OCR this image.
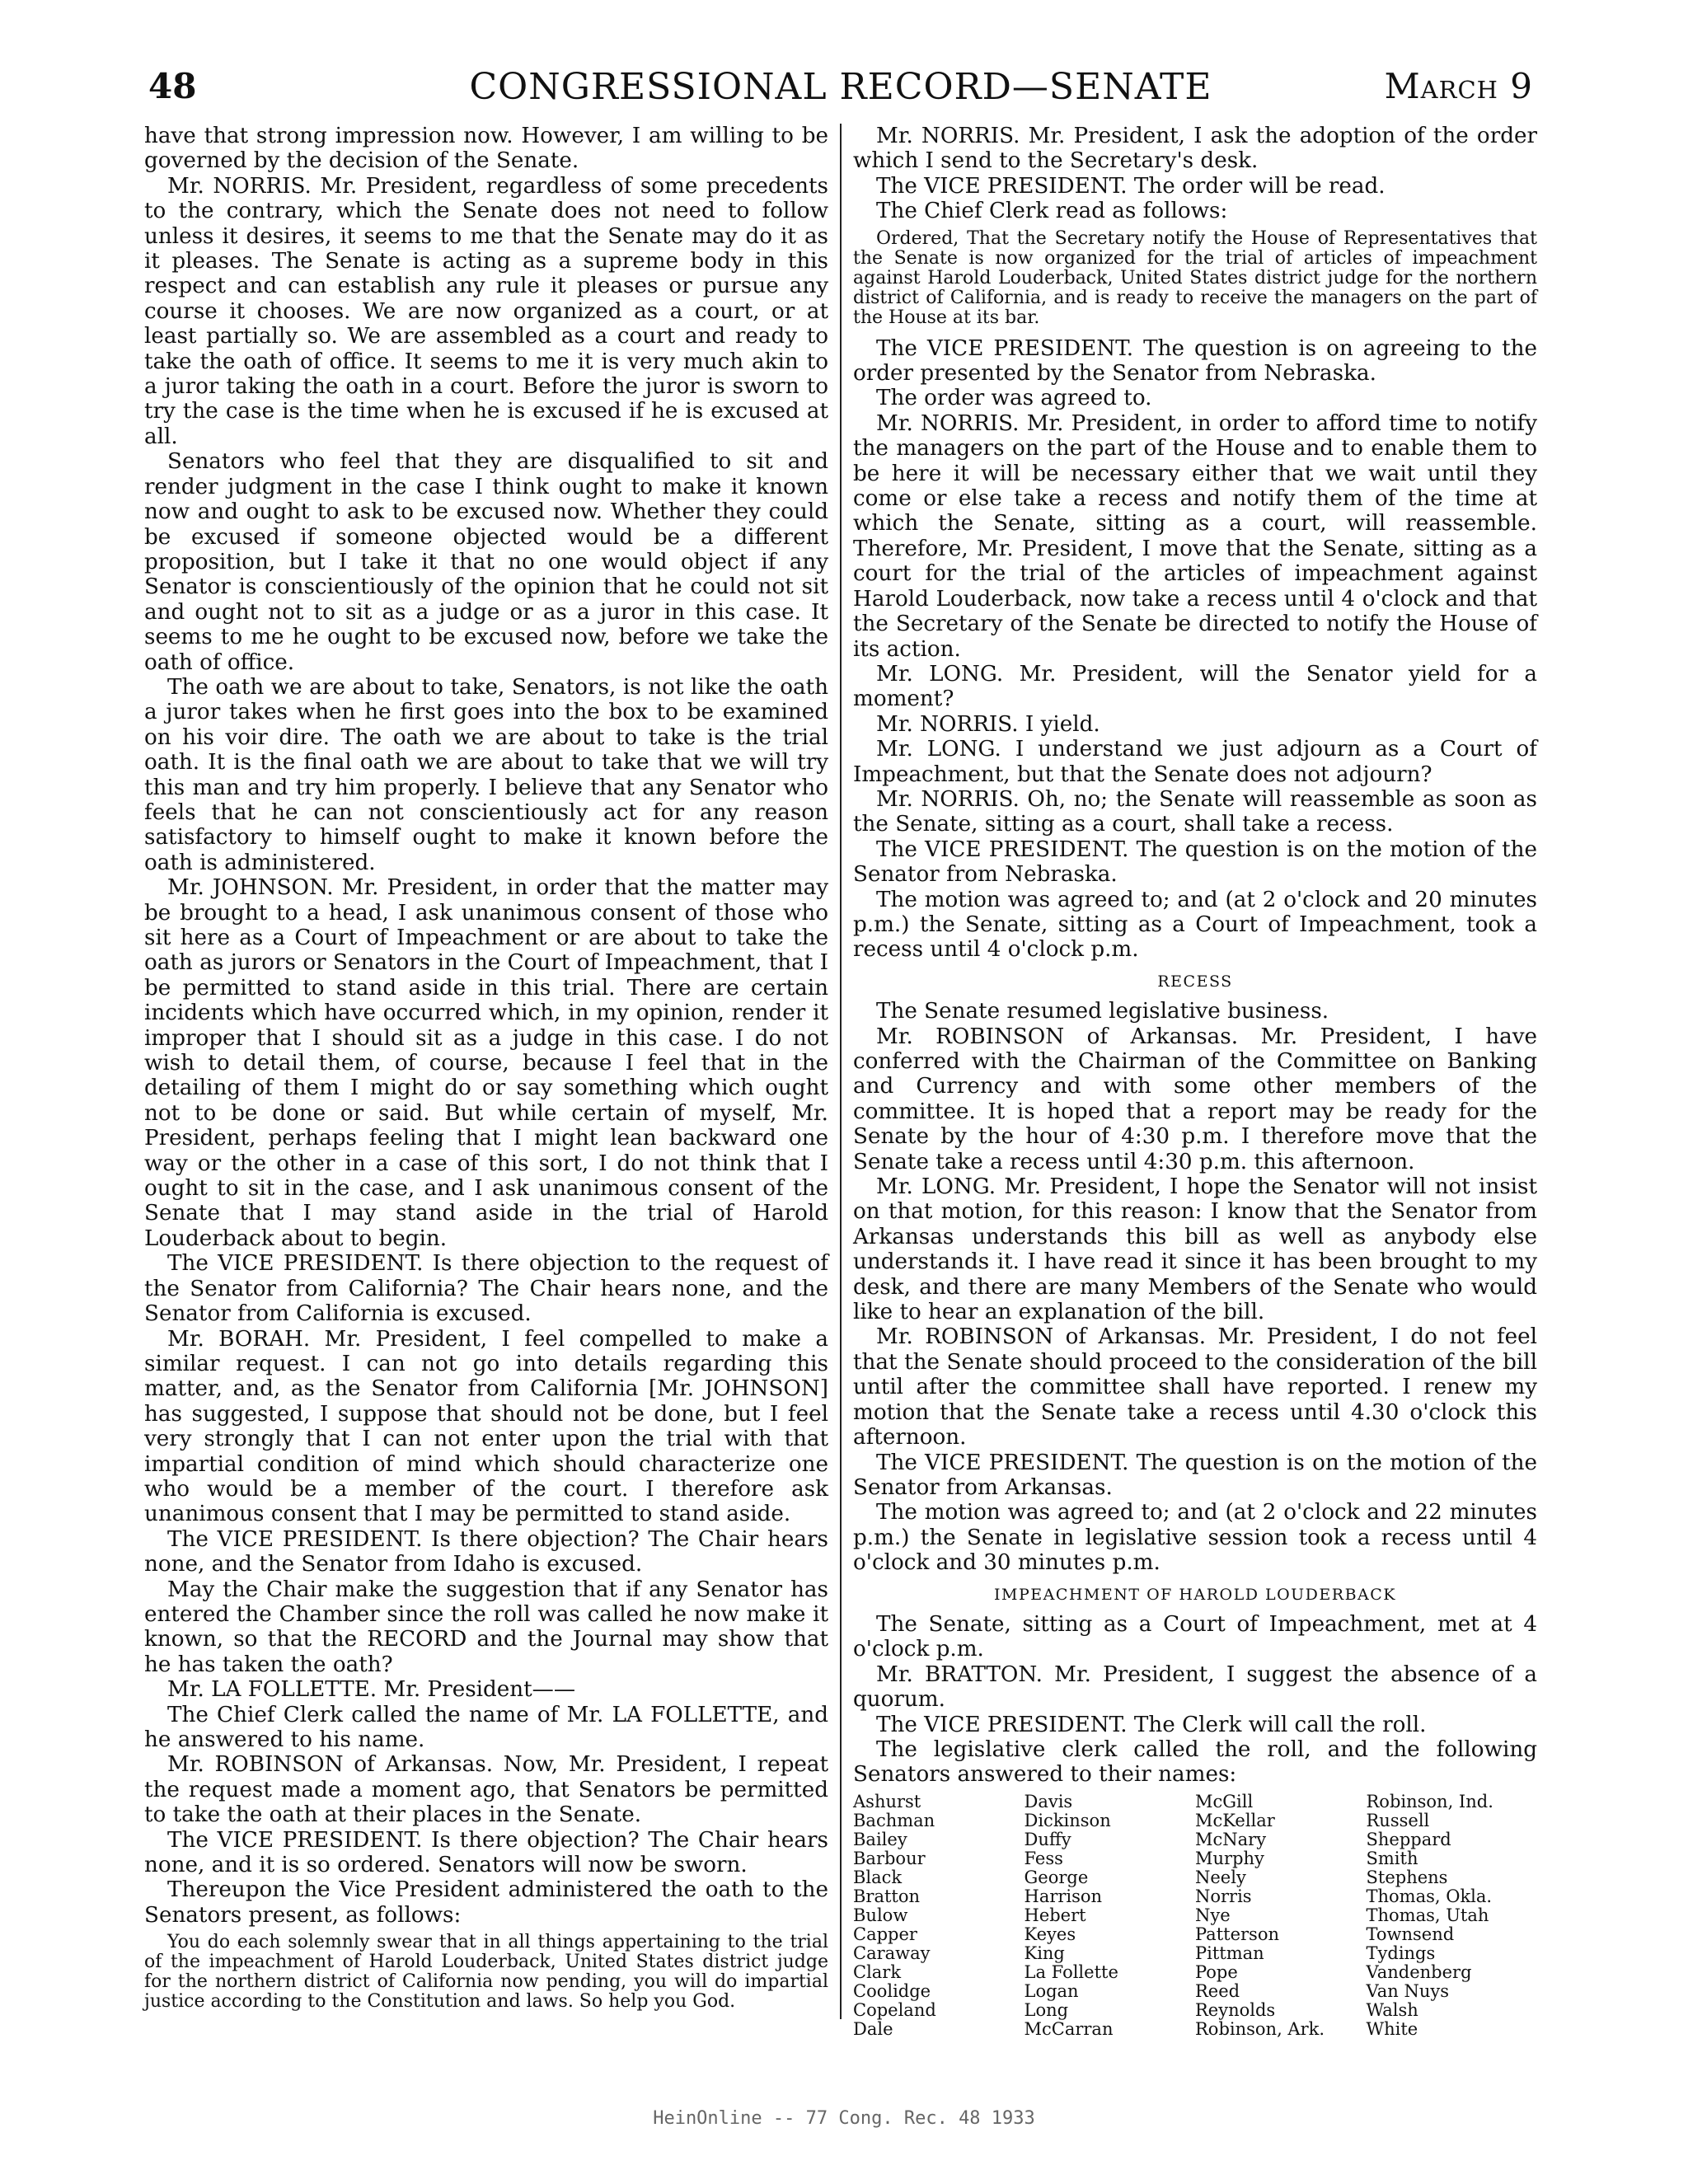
48	CONGRESSIONAL RECORD—SENATE	March 9

have that strong impression now. However, I am willing to be governed by the decision of the Senate.

Mr. NORRIS. Mr. President, regardless of some precedents to the contrary, which the Senate does not need to follow unless it desires, it seems to me that the Senate may do it as it pleases. The Senate is acting as a supreme body in this respect and can establish any rule it pleases or pursue any course it chooses. We are now organized as a court, or at least partially so. We are assembled as a court and ready to take the oath of office. It seems to me it is very much akin to a juror taking the oath in a court. Before the juror is sworn to try the case is the time when he is excused if he is excused at all.

Senators who feel that they are disqualified to sit and render judgment in the case I think ought to make it known now and ought to ask to be excused now. Whether they could be excused if someone objected would be a different proposition, but I take it that no one would object if any Senator is conscientiously of the opinion that he could not sit and ought not to sit as a judge or as a juror in this case. It seems to me he ought to be excused now, before we take the oath of office.

The oath we are about to take, Senators, is not like the oath a juror takes when he first goes into the box to be examined on his voir dire. The oath we are about to take is the trial oath. It is the final oath we are about to take that we will try this man and try him properly. I believe that any Senator who feels that he can not conscientiously act for any reason satisfactory to himself ought to make it known before the oath is administered.

Mr. JOHNSON. Mr. President, in order that the matter may be brought to a head, I ask unanimous consent of those who sit here as a Court of Impeachment or are about to take the oath as jurors or Senators in the Court of Impeachment, that I be permitted to stand aside in this trial. There are certain incidents which have occurred which, in my opinion, render it improper that I should sit as a judge in this case. I do not wish to detail them, of course, because I feel that in the detailing of them I might do or say something which ought not to be done or said. But while certain of myself, Mr. President, perhaps feeling that I might lean backward one way or the other in a case of this sort, I do not think that I ought to sit in the case, and I ask unanimous consent of the Senate that I may stand aside in the trial of Harold Louderback about to begin.

The VICE PRESIDENT. Is there objection to the request of the Senator from California? The Chair hears none, and the Senator from California is excused.

Mr. BORAH. Mr. President, I feel compelled to make a similar request. I can not go into details regarding this matter, and, as the Senator from California [Mr. JOHNSON] has suggested, I suppose that should not be done, but I feel very strongly that I can not enter upon the trial with that impartial condition of mind which should characterize one who would be a member of the court. I therefore ask unanimous consent that I may be permitted to stand aside.

The VICE PRESIDENT. Is there objection? The Chair hears none, and the Senator from Idaho is excused.

May the Chair make the suggestion that if any Senator has entered the Chamber since the roll was called he now make it known, so that the RECORD and the Journal may show that he has taken the oath?

Mr. LA FOLLETTE. Mr. President——

The Chief Clerk called the name of Mr. LA FOLLETTE, and he answered to his name.

Mr. ROBINSON of Arkansas. Now, Mr. President, I repeat the request made a moment ago, that Senators be permitted to take the oath at their places in the Senate.

The VICE PRESIDENT. Is there objection? The Chair hears none, and it is so ordered. Senators will now be sworn.

Thereupon the Vice President administered the oath to the Senators present, as follows:

You do each solemnly swear that in all things appertaining to the trial of the impeachment of Harold Louderback, United States district judge for the northern district of California now pending, you will do impartial justice according to the Constitution and laws. So help you God.

Mr. NORRIS. Mr. President, I ask the adoption of the order which I send to the Secretary's desk.

The VICE PRESIDENT. The order will be read.

The Chief Clerk read as follows:

Ordered, That the Secretary notify the House of Representatives that the Senate is now organized for the trial of articles of impeachment against Harold Louderback, United States district judge for the northern district of California, and is ready to receive the managers on the part of the House at its bar.

The VICE PRESIDENT. The question is on agreeing to the order presented by the Senator from Nebraska.

The order was agreed to.

Mr. NORRIS. Mr. President, in order to afford time to notify the managers on the part of the House and to enable them to be here it will be necessary either that we wait until they come or else take a recess and notify them of the time at which the Senate, sitting as a court, will reassemble. Therefore, Mr. President, I move that the Senate, sitting as a court for the trial of the articles of impeachment against Harold Louderback, now take a recess until 4 o'clock and that the Secretary of the Senate be directed to notify the House of its action.

Mr. LONG. Mr. President, will the Senator yield for a moment?

Mr. NORRIS. I yield.

Mr. LONG. I understand we just adjourn as a Court of Impeachment, but that the Senate does not adjourn?

Mr. NORRIS. Oh, no; the Senate will reassemble as soon as the Senate, sitting as a court, shall take a recess.

The VICE PRESIDENT. The question is on the motion of the Senator from Nebraska.

The motion was agreed to; and (at 2 o'clock and 20 minutes p.m.) the Senate, sitting as a Court of Impeachment, took a recess until 4 o'clock p.m.

RECESS

The Senate resumed legislative business.

Mr. ROBINSON of Arkansas. Mr. President, I have conferred with the Chairman of the Committee on Banking and Currency and with some other members of the committee. It is hoped that a report may be ready for the Senate by the hour of 4:30 p.m. I therefore move that the Senate take a recess until 4:30 p.m. this afternoon.

Mr. LONG. Mr. President, I hope the Senator will not insist on that motion, for this reason: I know that the Senator from Arkansas understands this bill as well as anybody else understands it. I have read it since it has been brought to my desk, and there are many Members of the Senate who would like to hear an explanation of the bill.

Mr. ROBINSON of Arkansas. Mr. President, I do not feel that the Senate should proceed to the consideration of the bill until after the committee shall have reported. I renew my motion that the Senate take a recess until 4.30 o'clock this afternoon.

The VICE PRESIDENT. The question is on the motion of the Senator from Arkansas.

The motion was agreed to; and (at 2 o'clock and 22 minutes p.m.) the Senate in legislative session took a recess until 4 o'clock and 30 minutes p.m.

IMPEACHMENT OF HAROLD LOUDERBACK

The Senate, sitting as a Court of Impeachment, met at 4 o'clock p.m.

Mr. BRATTON. Mr. President, I suggest the absence of a quorum.

The VICE PRESIDENT. The Clerk will call the roll.

The legislative clerk called the roll, and the following Senators answered to their names:

Ashurst	Davis	McGill	Robinson, Ind.
Bachman	Dickinson	McKellar	Russell
Bailey	Duffy	McNary	Sheppard
Barbour	Fess	Murphy	Smith
Black	George	Neely	Stephens
Bratton	Harrison	Norris	Thomas, Okla.
Bulow	Hebert	Nye	Thomas, Utah
Capper	Keyes	Patterson	Townsend
Caraway	King	Pittman	Tydings
Clark	La Follette	Pope	Vandenberg
Coolidge	Logan	Reed	Van Nuys
Copeland	Long	Reynolds	Walsh
Dale	McCarran	Robinson, Ark.	White
HeinOnline -- 77 Cong. Rec. 48 1933
